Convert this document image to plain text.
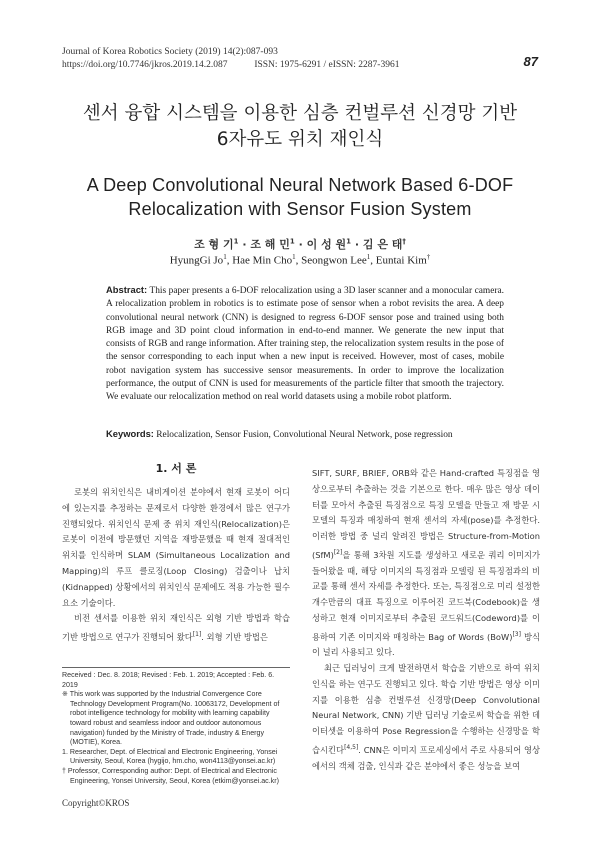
Journal of Korea Robotics Society (2019) 14(2):087-093
https://doi.org/10.7746/jkros.2019.14.2.087	ISSN: 1975-6291 / eISSN: 2287-3961	87
센서 융합 시스템을 이용한 심층 컨벌루션 신경망 기반
6자유도 위치 재인식
A Deep Convolutional Neural Network Based 6-DOF
Relocalization with Sensor Fusion System
조 형 기$^1$ · 조 해 민$^1$ · 이 성 원$^1$ · 김 은 태†
HyungGi Jo$^1$, Hae Min Cho$^1$, Seongwon Lee$^1$, Euntai Kim†
Abstract: This paper presents a 6-DOF relocalization using a 3D laser scanner and a monocular camera. A relocalization problem in robotics is to estimate pose of sensor when a robot revisits the area. A deep convolutional neural network (CNN) is designed to regress 6-DOF sensor pose and trained using both RGB image and 3D point cloud information in end-to-end manner. We generate the new input that consists of RGB and range information. After training step, the relocalization system results in the pose of the sensor corresponding to each input when a new input is received. However, most of cases, mobile robot navigation system has successive sensor measurements. In order to improve the localization performance, the output of CNN is used for measurements of the particle filter that smooth the trajectory. We evaluate our relocalization method on real world datasets using a mobile robot platform.
Keywords: Relocalization, Sensor Fusion, Convolutional Neural Network, pose regression
1. 서 론
로봇의 위치인식은 내비게이션 분야에서 현재 로봇이 어디에 있는지를 추정하는 문제로서 다양한 환경에서 많은 연구가 진행되었다. 위치인식 문제 중 위치 재인식(Relocalization)은 로봇이 이전에 방문했던 지역을 재방문했을 때 현재 절대적인 위치를 인식하며 SLAM (Simultaneous Localization and Mapping)의 루프 클로징(Loop Closing) 검출이나 납치(Kidnapped) 상황에서의 위치인식 문제에도 적용 가능한 필수 요소 기술이다.
비전 센서를 이용한 위치 재인식은 외형 기반 방법과 학습 기반 방법으로 연구가 진행되어 왔다[1]. 외형 기반 방법은
SIFT, SURF, BRIEF, ORB와 같은 Hand-crafted 특징점을 영상으로부터 추출하는 것을 기본으로 한다. 매우 많은 영상 데이터를 모아서 추출된 특징점으로 특징 모델을 만들고 재 방문 시 모델의 특징과 매칭하여 현재 센서의 자세(pose)를 추정한다. 이러한 방법 중 널리 알려진 방법은 Structure-from-Motion (SfM)[2]을 통해 3차원 지도를 생성하고 새로운 쿼리 이미지가 들어왔을 때, 해당 이미지의 특징점과 모델링 된 특징점과의 비교를 통해 센서 자세를 추정한다. 또는, 특징점으로 미리 설정한 개수만큼의 대표 특징으로 이루어진 코드북(Codebook)을 생성하고 현재 이미지로부터 추출된 코드워드(Codeword)를 이용하여 기존 이미지와 매칭하는 Bag of Words (BoW)[3] 방식이 널리 사용되고 있다.
최근 딥러닝이 크게 발전하면서 학습을 기반으로 하여 위치인식을 하는 연구도 진행되고 있다. 학습 기반 방법은 영상 이미지를 이용한 심층 컨벌루션 신경망(Deep Convolutional Neural Network, CNN) 기반 딥러닝 기술로써 학습을 위한 데이터셋을 이용하여 Pose Regression을 수행하는 신경망을 학습시킨다[4,5]. CNN은 이미지 프로세싱에서 주로 사용되어 영상에서의 객체 검출, 인식과 같은 분야에서 좋은 성능을 보여

Received : Dec. 8. 2018; Revised : Feb. 1. 2019; Accepted : Feb. 6. 2019

※ This work was supported by the Industrial Convergence Core Technology Development Program(No. 10063172, Development of robot intelligence technology for mobility with learning capability toward robust and seamless indoor and outdoor autonomous navigation) funded by the Ministry of Trade, industry & Energy (MOTIE), Korea.

1. Researcher, Dept. of Electrical and Electronic Engineering, Yonsei University, Seoul, Korea (hygijo, hm.cho, won4113@yonsei.ac.kr)

† Professor, Corresponding author: Dept. of Electrical and Electronic Engineering, Yonsei University, Seoul, Korea (etkim@yonsei.ac.kr)

Copyright©KROS
